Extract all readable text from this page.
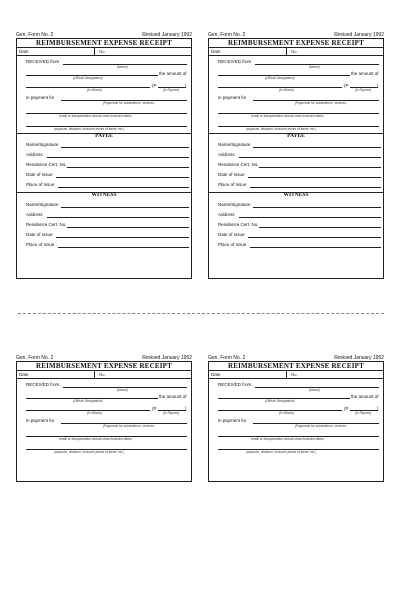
Gen. Form No. 2	Revised January 1992
REIMBURSEMENT EXPENSE RECEIPT
Date	No.
RECEIVED from
(Name)
the amount of
(Official Designation)
(P	)
(In Words)	(In Figures)
in payment for
(Payments for subsistence, services,
rental or transportation should show inclusive dates,
purposes, distance, inclusive points of travel, etc.)
PAYEE
Name/Signature
Address
Residence Cert. No.
Date of Issue
Place of Issue
WITNESS
Name/Signature
Address
Residence Cert. No.
Date of Issue
Place of Issue
Gen. Form No. 2	Revised January 1992
REIMBURSEMENT EXPENSE RECEIPT
Date	No.
RECEIVED from
(Name)
the amount of
(Official Designation)
(P	)
(In Words)	(In Figures)
in payment for
(Payments for subsistence, services,
rental or transportation should show inclusive dates,
purposes, distance, inclusive points of travel, etc.)
PAYEE
Name/Signature
Address
Residence Cert. No.
Date of Issue
Place of Issue
WITNESS
Name/Signature
Address
Residence Cert. No.
Date of Issue
Place of Issue
Gen. Form No. 2	Revised January 1992
REIMBURSEMENT EXPENSE RECEIPT
Date	No.
RECEIVED from
(Name)
the amount of
(Official Designation)
(P	)
(In Words)	(In Figures)
in payment for
(Payments for subsistence, services,
rental or transportation should show inclusive dates,
purposes, distance, inclusive points of travel, etc.)
Gen. Form No. 2	Revised January 1992
REIMBURSEMENT EXPENSE RECEIPT
Date	No.
RECEIVED from
(Name)
the amount of
(Official Designation)
(P	)
(In Words)	(In Figures)
in payment for
(Payments for subsistence, services,
rental or transportation should show inclusive dates,
purposes, distance, inclusive points of travel, etc.)
